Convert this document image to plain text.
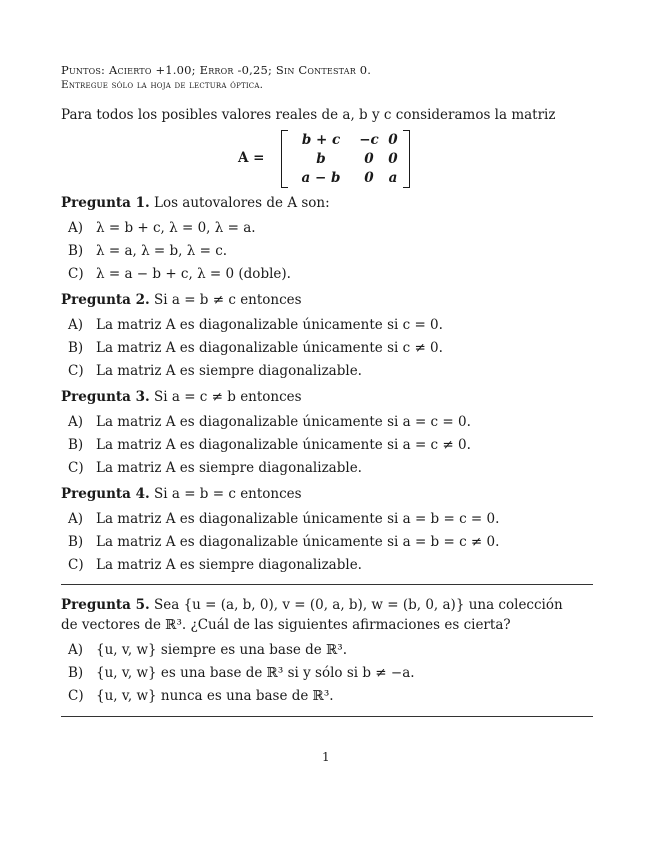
Puntos: Acierto +1.00; Error -0,25; Sin Contestar 0.
Entregue sólo la hoja de lectura óptica.
Para todos los posibles valores reales de a, b y c consideramos la matriz
A =
b + c	−c 0
b	0	0
a − b	0	a
Pregunta 1. Los autovalores de A son:
A) λ = b + c, λ = 0, λ = a.
B) λ = a, λ = b, λ = c.
C) λ = a − b + c, λ = 0 (doble).
Pregunta 2. Si a = b ≠ c entonces
A) La matriz A es diagonalizable únicamente si c = 0.
B) La matriz A es diagonalizable únicamente si c ≠ 0.
C) La matriz A es siempre diagonalizable.
Pregunta 3. Si a = c ≠ b entonces
A) La matriz A es diagonalizable únicamente si a = c = 0.
B) La matriz A es diagonalizable únicamente si a = c ≠ 0.
C) La matriz A es siempre diagonalizable.
Pregunta 4. Si a = b = c entonces
A) La matriz A es diagonalizable únicamente si a = b = c = 0.
B) La matriz A es diagonalizable únicamente si a = b = c ≠ 0.
C) La matriz A es siempre diagonalizable.
Pregunta 5. Sea {u = (a, b, 0), v = (0, a, b), w = (b, 0, a)} una colección
de vectores de ℝ³. ¿Cuál de las siguientes afirmaciones es cierta?
A) {u, v, w} siempre es una base de ℝ³.
B) {u, v, w} es una base de ℝ³ si y sólo si b ≠ −a.
C) {u, v, w} nunca es una base de ℝ³.
1
